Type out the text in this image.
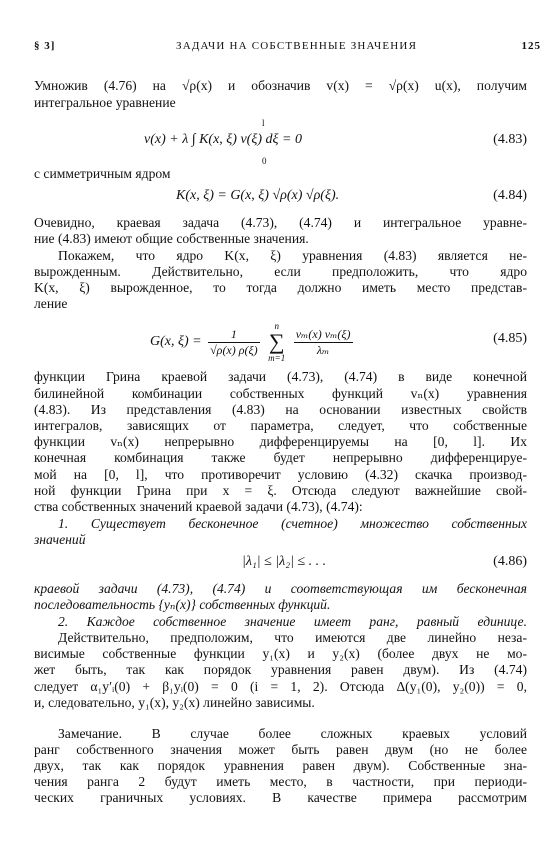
§ 3]	ЗАДАЧИ НА СОБСТВЕННЫЕ ЗНАЧЕНИЯ	125
Умножив (4.76) на √ρ(x) и обозначив v(x) = √ρ(x) u(x), получим
интегральное уравнение
l
0
v(x) + λ ∫ K(x, ξ) v(ξ) dξ = 0	(4.83)
с симметричным ядром
K(x, ξ) = G(x, ξ) √ρ(x) √ρ(ξ).	(4.84)
Очевидно, краевая задача (4.73), (4.74) и интегральное уравне-
ние (4.83) имеют общие собственные значения.
Покажем, что ядро K(x, ξ) уравнения (4.83) является не-
вырожденным. Действительно, если предположить, что ядро
K(x, ξ) вырожденное, то тогда должно иметь место представ-
ление
G(x, $\xi) = \frac{1}{√\rho(x) \rho(\xi)}$
n
∑
m=1
$\frac{\text{vₘ(x) vₘ(ξ)}}{\text{λₘ}}$	(4.85)
функции Грина краевой задачи (4.73), (4.74) в виде конечной
билинейной комбинации собственных функций vₙ(x) уравнения
(4.83). Из представления (4.83) на основании известных свойств
интегралов, зависящих от параметра, следует, что собственные
функции vₙ(x) непрерывно дифференцируемы на [0, l]. Их
конечная комбинация также будет непрерывно дифференцируе-
мой на [0, l], что противоречит условию (4.32) скачка производ-
ной функции Грина при x = ξ. Отсюда следуют важнейшие свой-
ства собственных значений краевой задачи (4.73), (4.74):
1. Существует бесконечное (счетное) множество собственных
значений
|λ₁| ≤ |λ₂| ≤ . . .	(4.86)
краевой задачи (4.73), (4.74) и соответствующая им бесконечная
последовательность {yₙ(x)} собственных функций.
2. Каждое собственное значение имеет ранг, равный единице.
Действительно, предположим, что имеются две линейно неза-
висимые собственные функции y₁(x) и y₂(x) (более двух не мо-
жет быть, так как порядок уравнения равен двум). Из (4.74)
следует α₁y′ᵢ(0) + β₁yᵢ(0) = 0 (i = 1, 2). Отсюда Δ(y₁(0), y₂(0)) = 0,
и, следовательно, y₁(x), y₂(x) линейно зависимы.
Замечание. В случае более сложных краевых условий
ранг собственного значения может быть равен двум (но не более
двух, так как порядок уравнения равен двум). Собственные зна-
чения ранга 2 будут иметь место, в частности, при периоди-
ческих граничных условиях. В качестве примера рассмотрим
